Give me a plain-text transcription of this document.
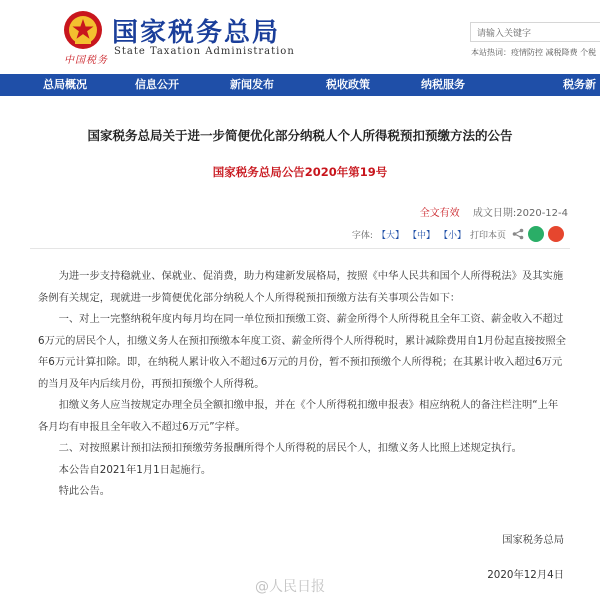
中国税务
国家税务总局
State Taxation Administration
请输入关键字
本站热词：疫情防控 减税降费 个税
总局概况	信息公开	新闻发布	税收政策	纳税服务	税务新
国家税务总局关于进一步简便优化部分纳税人个人所得税预扣预缴方法的公告
国家税务总局公告2020年第19号
全文有效 成文日期:2020-12-4
字体: 【大】 【中】 【小】 打印本页

为进一步支持稳就业、保就业、促消费，助力构建新发展格局，按照《中华人民共和国个人所得税法》及其实施条例有关规定，现就进一步简便优化部分纳税人个人所得税预扣预缴方法有关事项公告如下：

一、对上一完整纳税年度内每月均在同一单位预扣预缴工资、薪金所得个人所得税且全年工资、薪金收入不超过6万元的居民个人，扣缴义务人在预扣预缴本年度工资、薪金所得个人所得税时，累计减除费用自1月份起直接按照全年6万元计算扣除。即，在纳税人累计收入不超过6万元的月份，暂不预扣预缴个人所得税；在其累计收入超过6万元的当月及年内后续月份，再预扣预缴个人所得税。

扣缴义务人应当按规定办理全员全额扣缴申报，并在《个人所得税扣缴申报表》相应纳税人的备注栏注明“上年各月均有申报且全年收入不超过6万元”字样。

二、对按照累计预扣法预扣预缴劳务报酬所得个人所得税的居民个人，扣缴义务人比照上述规定执行。

本公告自2021年1月1日起施行。

特此公告。

国家税务总局
2020年12月4日
@人民日报
